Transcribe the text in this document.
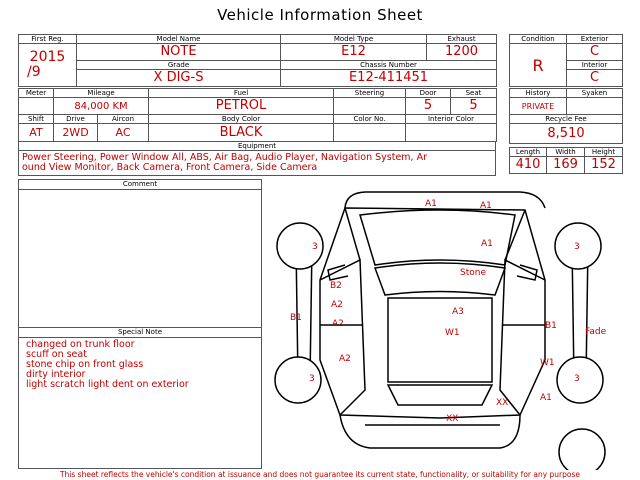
Vehicle Information Sheet
First Reg.	Model Name	Model Type	Exhaust

2015
/9	NOTE	E12	1200
	Grade	Chassis Number	
	X DIG-S	E12-411451	
Condition	Exterior
R	C
	Interior
	C
Meter	Mileage		Fuel	Steering	Door	Seat
	84,000 KM		PETROL		5	5
Shift	Drive	Aircon	Body Color	Color No.	Interior Color	
AT	2WD	AC	BLACK			
History	Syaken
PRIVATE	
Recycle Fee	
8,510	
Length	Width	Height
410	169	152
Equipment
Power Steering, Power Window All, ABS, Air Bag, Audio Player, Navigation System, Ar
ound View Monitor, Back Camera, Front Camera, Side Camera
Comment
Special Note
changed on trunk floor
scuff on seat
stone chip on front glass
dirty interior
light scratch light dent on exterior
A1	A1
A1
3	3
3	3
Stone
B2
A2
A2
A2
A3
W1
B1
B1
Fade
W1
XX
XX
A1
This sheet reflects the vehicle's condition at issuance and does not guarantee its current state, functionality, or suitability for any purpose
